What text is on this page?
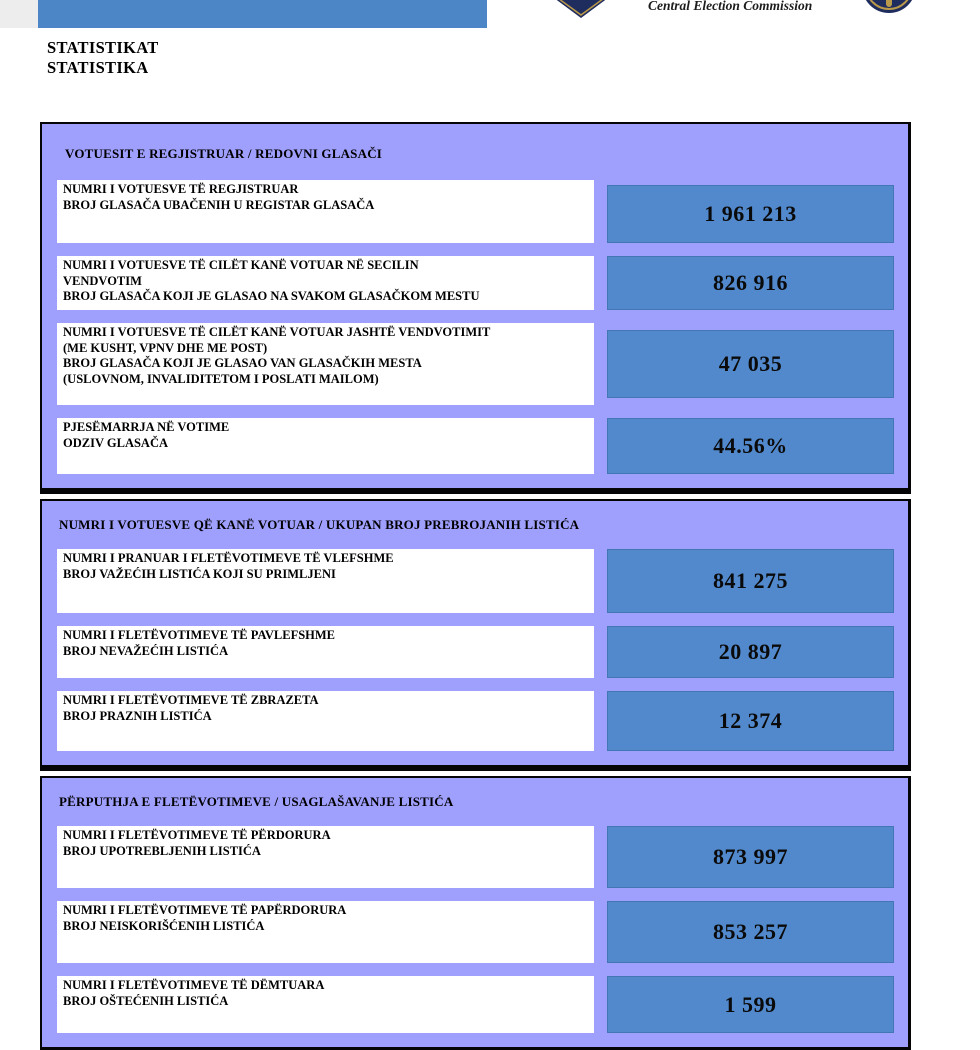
Central Election Commission
STATISTIKAT
STATISTIKA
VOTUESIT E REGJISTRUAR / REDOVNI GLASAČI
NUMRI I VOTUESVE TË REGJISTRUAR
BROJ GLASAČA UBAČENIH U REGISTAR GLASAČA	1 961 213
NUMRI I VOTUESVE TË CILËT KANË VOTUAR NË SECILIN
VENDVOTIM
BROJ GLASAČA KOJI JE GLASAO NA SVAKOM GLASAČKOM MESTU
826 916
NUMRI I VOTUESVE TË CILËT KANË VOTUAR JASHTË VENDVOTIMIT
(ME KUSHT, VPNV DHE ME POST)
BROJ GLASAČA KOJI JE GLASAO VAN GLASAČKIH MESTA
(USLOVNOM, INVALIDITETOM I POSLATI MAILOM)
47 035
PJESËMARRJA NË VOTIME
ODZIV GLASAČA	44.56%
NUMRI I VOTUESVE QË KANË VOTUAR / UKUPAN BROJ PREBROJANIH LISTIĆA
NUMRI I PRANUAR I FLETËVOTIMEVE TË VLEFSHME
BROJ VAŽEĆIH LISTIĆA KOJI SU PRIMLJENI	841 275
NUMRI I FLETËVOTIMEVE TË PAVLEFSHME
BROJ NEVAŽEĆIH LISTIĆA	20 897
NUMRI I FLETËVOTIMEVE TË ZBRAZETA
BROJ PRAZNIH LISTIĆA	12 374
PËRPUTHJA E FLETËVOTIMEVE / USAGLAŠAVANJE LISTIĆA
NUMRI I FLETËVOTIMEVE TË PËRDORURA
BROJ UPOTREBLJENIH LISTIĆA	873 997
NUMRI I FLETËVOTIMEVE TË PAPËRDORURA
BROJ NEISKORIŠĆENIH LISTIĆA	853 257
NUMRI I FLETËVOTIMEVE TË DËMTUARA
BROJ OŠTEĆENIH LISTIĆA	1 599
